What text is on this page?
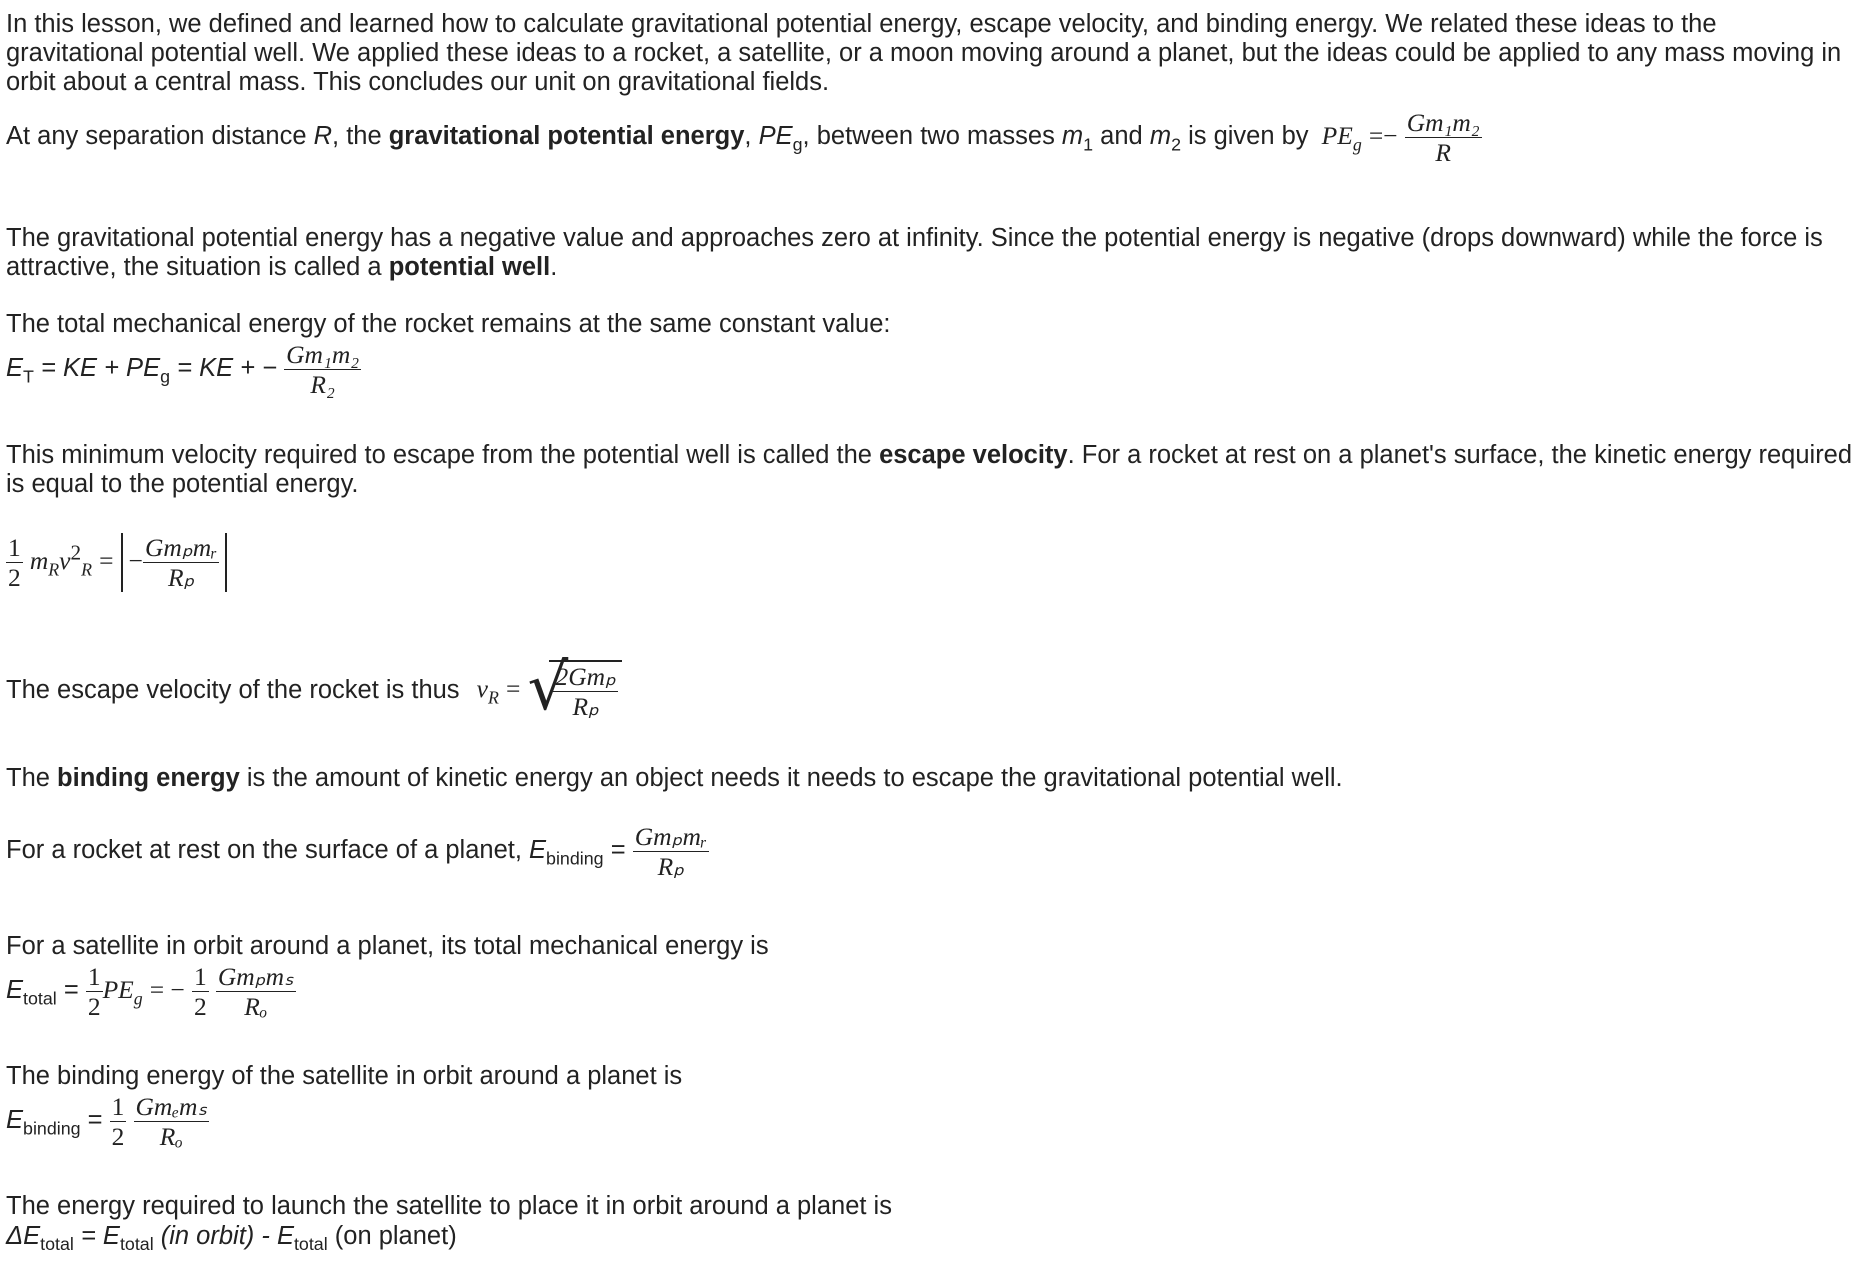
In this lesson, we defined and learned how to calculate gravitational potential energy, escape velocity, and binding energy. We related these ideas to the gravitational potential well. We applied these ideas to a rocket, a satellite, or a moon moving around a planet, but the ideas could be applied to any mass moving in orbit about a central mass. This concludes our unit on gravitational fields.

At any separation distance R, the gravitational potential energy, $PE_g$, between two masses $m_1$ and $m_2$ is given by $PE_g =- \frac{\text{Gm₁m₂}}{R}$

The gravitational potential energy has a negative value and approaches zero at infinity. Since the potential energy is negative (drops downward) while the force is attractive, the situation is called a potential well.

The total mechanical energy of the rocket remains at the same constant value:

$E_T$ = KE + $PE_g$ = KE + − $\frac{\text{Gm₁m₂}}{\text{R₂}}$

This minimum velocity required to escape from the potential well is called the escape velocity. For a rocket at rest on a planet's surface, the kinetic energy required is equal to the potential energy.

$\frac{1}{2} m_Rv^2_R$ = − $\frac{\text{Gmₚmᵣ}}{\text{Rₚ}}$

The escape velocity of the rocket is thus $v_R$ = √
$\frac{\text{2Gmₚ}}{\text{Rₚ}}$

The binding energy is the amount of kinetic energy an object needs it needs to escape the gravitational potential well.

For a rocket at rest on the surface of a planet, $E_{binding} = \frac{\text{Gmₚmᵣ}}{\text{Rₚ}}$

For a satellite in orbit around a planet, its total mechanical energy is

$E_{total} = \frac{1}{2} PE_g$ = − $\frac{1}{2}$
$\frac{\text{Gmₚmₛ}}{\text{Rₒ}}$

The binding energy of the satellite in orbit around a planet is

$E_{binding} = \frac{1}{2}$
$\frac{\text{Gmₑmₛ}}{\text{Rₒ}}$

The energy required to launch the satellite to place it in orbit around a planet is

$\Delta E_{total} = E_{total}$ (in orbit) - $E_{total}$ (on planet)
